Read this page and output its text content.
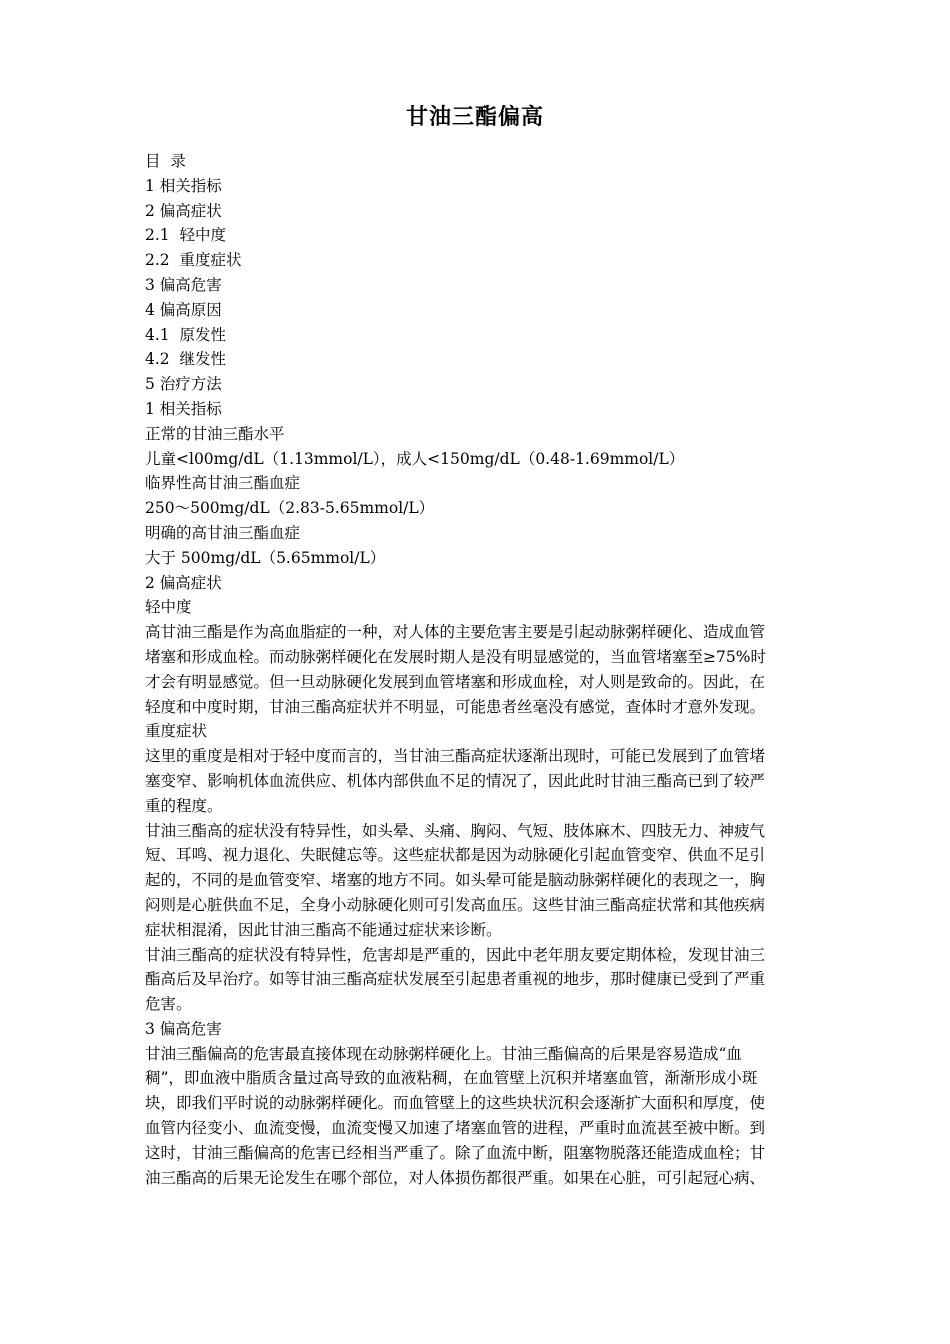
甘油三酯偏高
目  录
1 相关指标
2 偏高症状
2.1  轻中度
2.2  重度症状
3 偏高危害
4 偏高原因
4.1  原发性
4.2  继发性
5 治疗方法
1 相关指标
正常的甘油三酯水平
儿童<l00mg/dL（1.13mmol/L），成人<150mg/dL（0.48-1.69mmol/L）
临界性高甘油三酯血症
250～500mg/dL（2.83-5.65mmol/L）
明确的高甘油三酯血症
大于 500mg/dL（5.65mmol/L）
2 偏高症状
轻中度
高甘油三酯是作为高血脂症的一种，对人体的主要危害主要是引起动脉粥样硬化、造成血管
堵塞和形成血栓。而动脉粥样硬化在发展时期人是没有明显感觉的，当血管堵塞至≥75%时
才会有明显感觉。但一旦动脉硬化发展到血管堵塞和形成血栓，对人则是致命的。因此，在
轻度和中度时期，甘油三酯高症状并不明显，可能患者丝毫没有感觉，查体时才意外发现。
重度症状
这里的重度是相对于轻中度而言的，当甘油三酯高症状逐渐出现时，可能已发展到了血管堵
塞变窄、影响机体血流供应、机体内部供血不足的情况了，因此此时甘油三酯高已到了较严
重的程度。
甘油三酯高的症状没有特异性，如头晕、头痛、胸闷、气短、肢体麻木、四肢无力、神疲气
短、耳鸣、视力退化、失眠健忘等。这些症状都是因为动脉硬化引起血管变窄、供血不足引
起的，不同的是血管变窄、堵塞的地方不同。如头晕可能是脑动脉粥样硬化的表现之一，胸
闷则是心脏供血不足，全身小动脉硬化则可引发高血压。这些甘油三酯高症状常和其他疾病
症状相混淆，因此甘油三酯高不能通过症状来诊断。
甘油三酯高的症状没有特异性，危害却是严重的，因此中老年朋友要定期体检，发现甘油三
酯高后及早治疗。如等甘油三酯高症状发展至引起患者重视的地步，那时健康已受到了严重
危害。
3 偏高危害
甘油三酯偏高的危害最直接体现在动脉粥样硬化上。甘油三酯偏高的后果是容易造成“血
稠”，即血液中脂质含量过高导致的血液粘稠，在血管壁上沉积并堵塞血管，渐渐形成小斑
块，即我们平时说的动脉粥样硬化。而血管壁上的这些块状沉积会逐渐扩大面积和厚度，使
血管内径变小、血流变慢，血流变慢又加速了堵塞血管的进程，严重时血流甚至被中断。到
这时，甘油三酯偏高的危害已经相当严重了。除了血流中断，阻塞物脱落还能造成血栓；甘
油三酯高的后果无论发生在哪个部位，对人体损伤都很严重。如果在心脏，可引起冠心病、
